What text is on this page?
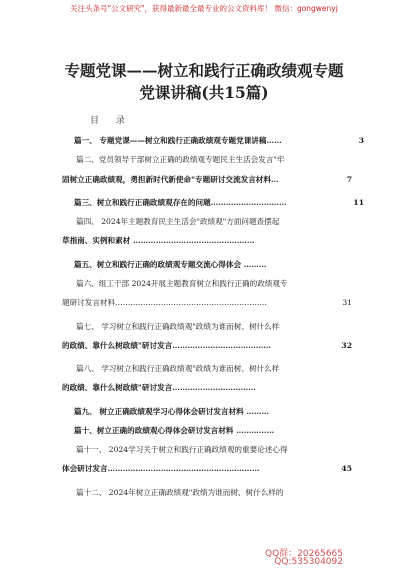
关注头条号"公文研究"，获得最新最全最专业的公文资料库！ 微信：gongwenyj
专题党课——树立和践行正确政绩观专题
党课讲稿(共15篇)
目 录
篇一、 专题党课——树立和践行正确政绩观专题党课讲稿……	3
篇二、党员领导干部树立正确的政绩观专题民主生活会发言"牢
固树立正确政绩观，勇担新时代新使命"专题研讨交流发言材料…	7
篇三、树立和践行正确政绩观存在的问题…………………………	11
篇四、 2024年主题教育民主生活会"政绩观"方面问题查摆起
草指南、实例和素材 …………………………………………
篇五、树立和践行正确的政绩观专题交流心得体会 ………
篇六、组工干部 2024开展主题教育树立和践行正确的政绩观专
题研讨发言材料……………………………………………………	31
篇七、 学习树立和践行正确政绩观"政绩为谁而树、树什么样
的政绩、靠什么树政绩"研讨发言…………………………………	32
篇八、 学习树立和践行正确政绩观"政绩为谁而树、树什么样
的政绩、靠什么树政绩"研讨发言……………………………
篇九、 树立正确政绩观学习心得体会研讨发言材料 ………
篇十、树立正确的政绩观心得体会研讨发言材料 ……………
篇十一、 2024学习关于树立和践行正确政绩观的重要论述心得
体会研讨发言……………………………………………………	45
篇十二、 2024年树立正确政绩观"政绩为谁而树、树什么样的
QQ群：20265665
QQ:535304092
